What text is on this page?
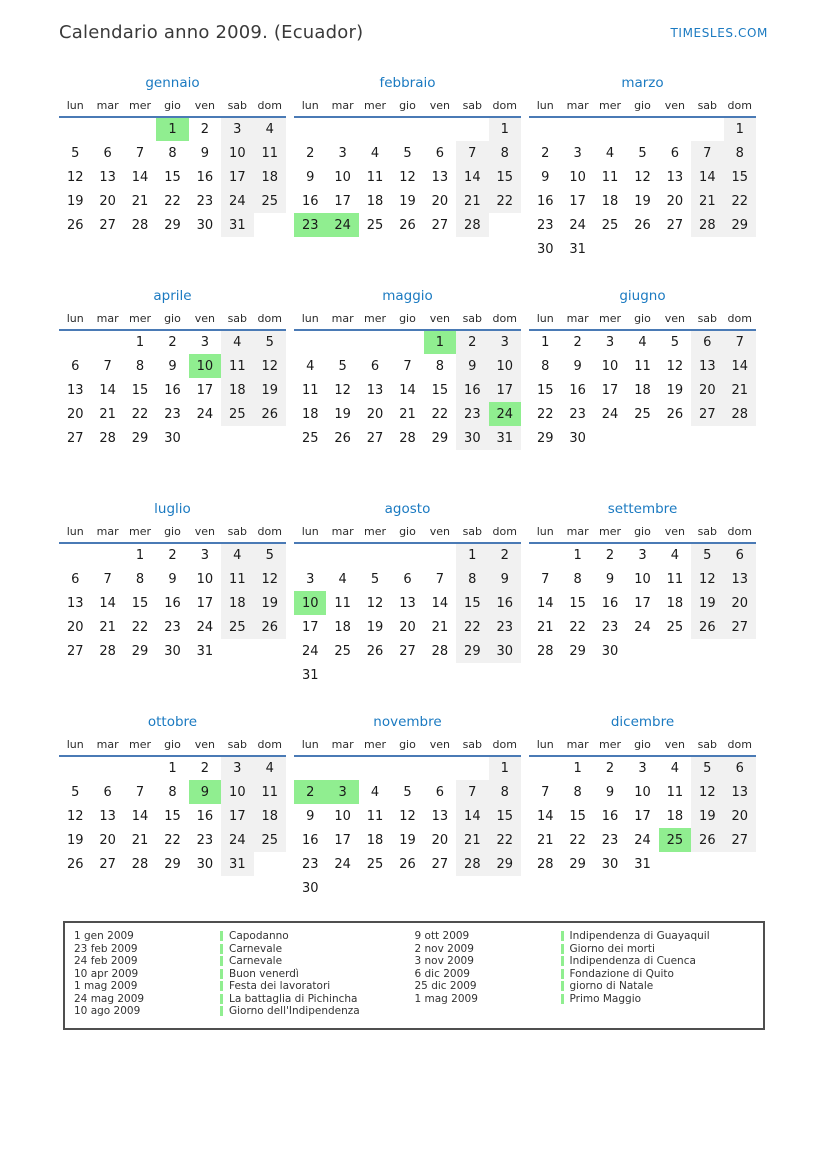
Calendario anno 2009. (Ecuador)	TIMESLES.COM
gennaio
lun	mar	mer	gio	ven	sab	dom
			1	2	3	4
5	6	7	8	9	10	11
12	13	14	15	16	17	18
19	20	21	22	23	24	25
26	27	28	29	30	31	
febbraio
lun	mar	mer	gio	ven	sab	dom
						1
2	3	4	5	6	7	8
9	10	11	12	13	14	15
16	17	18	19	20	21	22
23	24	25	26	27	28	
marzo
lun	mar	mer	gio	ven	sab	dom
						1
2	3	4	5	6	7	8
9	10	11	12	13	14	15
16	17	18	19	20	21	22
23	24	25	26	27	28	29
30	31					
aprile
lun	mar	mer	gio	ven	sab	dom
		1	2	3	4	5
6	7	8	9	10	11	12
13	14	15	16	17	18	19
20	21	22	23	24	25	26
27	28	29	30			
maggio
lun	mar	mer	gio	ven	sab	dom
				1	2	3
4	5	6	7	8	9	10
11	12	13	14	15	16	17
18	19	20	21	22	23	24
25	26	27	28	29	30	31
giugno
lun	mar	mer	gio	ven	sab	dom
1	2	3	4	5	6	7
8	9	10	11	12	13	14
15	16	17	18	19	20	21
22	23	24	25	26	27	28
29	30					
luglio
lun	mar	mer	gio	ven	sab	dom
		1	2	3	4	5
6	7	8	9	10	11	12
13	14	15	16	17	18	19
20	21	22	23	24	25	26
27	28	29	30	31		
agosto
lun	mar	mer	gio	ven	sab	dom
					1	2
3	4	5	6	7	8	9
10	11	12	13	14	15	16
17	18	19	20	21	22	23
24	25	26	27	28	29	30
31						
settembre
lun	mar	mer	gio	ven	sab	dom
	1	2	3	4	5	6
7	8	9	10	11	12	13
14	15	16	17	18	19	20
21	22	23	24	25	26	27
28	29	30				
ottobre
lun	mar	mer	gio	ven	sab	dom
			1	2	3	4
5	6	7	8	9	10	11
12	13	14	15	16	17	18
19	20	21	22	23	24	25
26	27	28	29	30	31	
novembre
lun	mar	mer	gio	ven	sab	dom
						1
2	3	4	5	6	7	8
9	10	11	12	13	14	15
16	17	18	19	20	21	22
23	24	25	26	27	28	29
30						
dicembre
lun	mar	mer	gio	ven	sab	dom
	1	2	3	4	5	6
7	8	9	10	11	12	13
14	15	16	17	18	19	20
21	22	23	24	25	26	27
28	29	30	31			
1 gen 2009	Capodanno
23 feb 2009	Carnevale
24 feb 2009	Carnevale
10 apr 2009	Buon venerdì
1 mag 2009	Festa dei lavoratori
24 mag 2009	La battaglia di Pichincha
10 ago 2009	Giorno dell'Indipendenza
9 ott 2009	Indipendenza di Guayaquil
2 nov 2009	Giorno dei morti
3 nov 2009	Indipendenza di Cuenca
6 dic 2009	Fondazione di Quito
25 dic 2009	giorno di Natale
1 mag 2009	Primo Maggio
